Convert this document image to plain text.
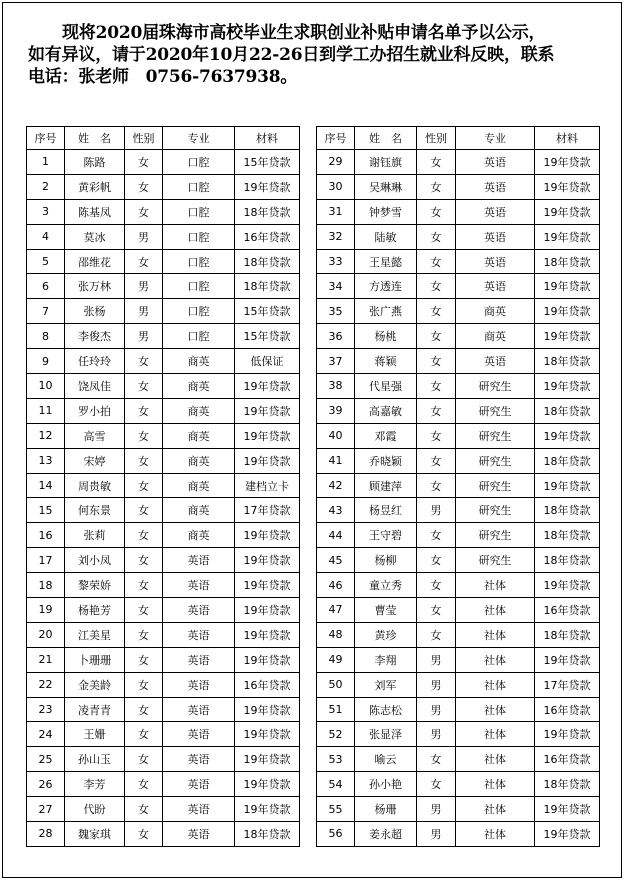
现将2020届珠海市高校毕业生求职创业补贴申请名单予以公示，
如有异议，请于2020年10月22-26日到学工办招生就业科反映，联系
电话：张老师　0756-7637938。
序号	姓　名	性别	专业	材料
1	陈路	女	口腔	15年贷款
2	黄彩帆	女	口腔	19年贷款
3	陈基凤	女	口腔	18年贷款
4	莫冰	男	口腔	16年贷款
5	邵维花	女	口腔	18年贷款
6	张万林	男	口腔	18年贷款
7	张杨	男	口腔	15年贷款
8	李俊杰	男	口腔	15年贷款
9	任玲玲	女	商英	低保证
10	饶凤佳	女	商英	19年贷款
11	罗小拍	女	商英	19年贷款
12	高雪	女	商英	19年贷款
13	宋婷	女	商英	19年贷款
14	周贵敏	女	商英	建档立卡
15	何东景	女	商英	17年贷款
16	张莉	女	商英	19年贷款
17	刘小凤	女	英语	19年贷款
18	黎荣娇	女	英语	19年贷款
19	杨艳芳	女	英语	19年贷款
20	江美星	女	英语	19年贷款
21	卜珊珊	女	英语	19年贷款
22	金美龄	女	英语	16年贷款
23	凌青青	女	英语	19年贷款
24	王姗	女	英语	19年贷款
25	孙山玉	女	英语	19年贷款
26	李芳	女	英语	19年贷款
27	代盼	女	英语	19年贷款
28	魏家琪	女	英语	18年贷款
序号	姓　名	性别	专业	材料
29	谢钰旗	女	英语	19年贷款
30	吴琳琳	女	英语	19年贷款
31	钟梦雪	女	英语	19年贷款
32	陆敏	女	英语	19年贷款
33	王星懿	女	英语	18年贷款
34	方透连	女	英语	19年贷款
35	张广燕	女	商英	19年贷款
36	杨桃	女	商英	19年贷款
37	蒋颖	女	英语	18年贷款
38	代星强	女	研究生	19年贷款
39	高嘉敏	女	研究生	18年贷款
40	邓霞	女	研究生	19年贷款
41	乔晓颖	女	研究生	18年贷款
42	顾建萍	女	研究生	19年贷款
43	杨昱红	男	研究生	18年贷款
44	王守碧	女	研究生	18年贷款
45	杨柳	女	研究生	18年贷款
46	童立秀	女	社体	19年贷款
47	曹莹	女	社体	16年贷款
48	黄珍	女	社体	18年贷款
49	李翔	男	社体	19年贷款
50	刘军	男	社体	17年贷款
51	陈志松	男	社体	16年贷款
52	张显泽	男	社体	19年贷款
53	喻云	女	社体	16年贷款
54	孙小艳	女	社体	18年贷款
55	杨珊	男	社体	19年贷款
56	姜永超	男	社体	19年贷款
